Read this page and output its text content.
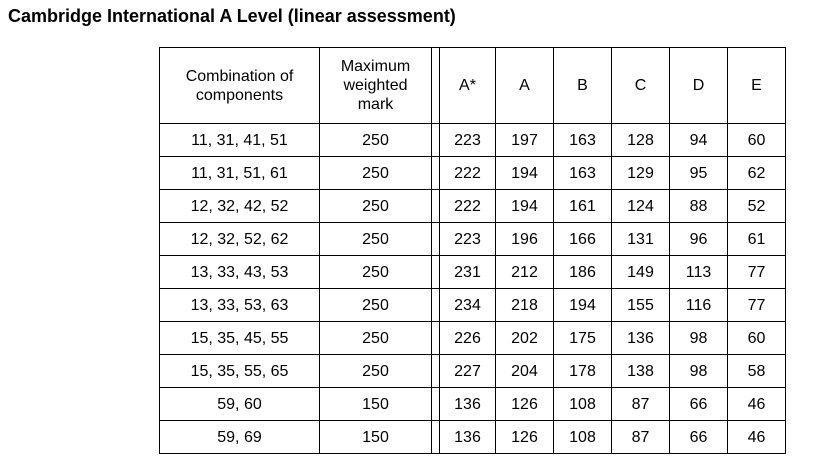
Cambridge International A Level (linear assessment)
Combination of components	Maximum weighted mark		A*	A	B	C	D	E
11, 31, 41, 51	250		223	197	163	128	94	60
11, 31, 51, 61	250		222	194	163	129	95	62
12, 32, 42, 52	250		222	194	161	124	88	52
12, 32, 52, 62	250		223	196	166	131	96	61
13, 33, 43, 53	250		231	212	186	149	113	77
13, 33, 53, 63	250		234	218	194	155	116	77
15, 35, 45, 55	250		226	202	175	136	98	60
15, 35, 55, 65	250		227	204	178	138	98	58
59, 60	150		136	126	108	87	66	46
59, 69	150		136	126	108	87	66	46
